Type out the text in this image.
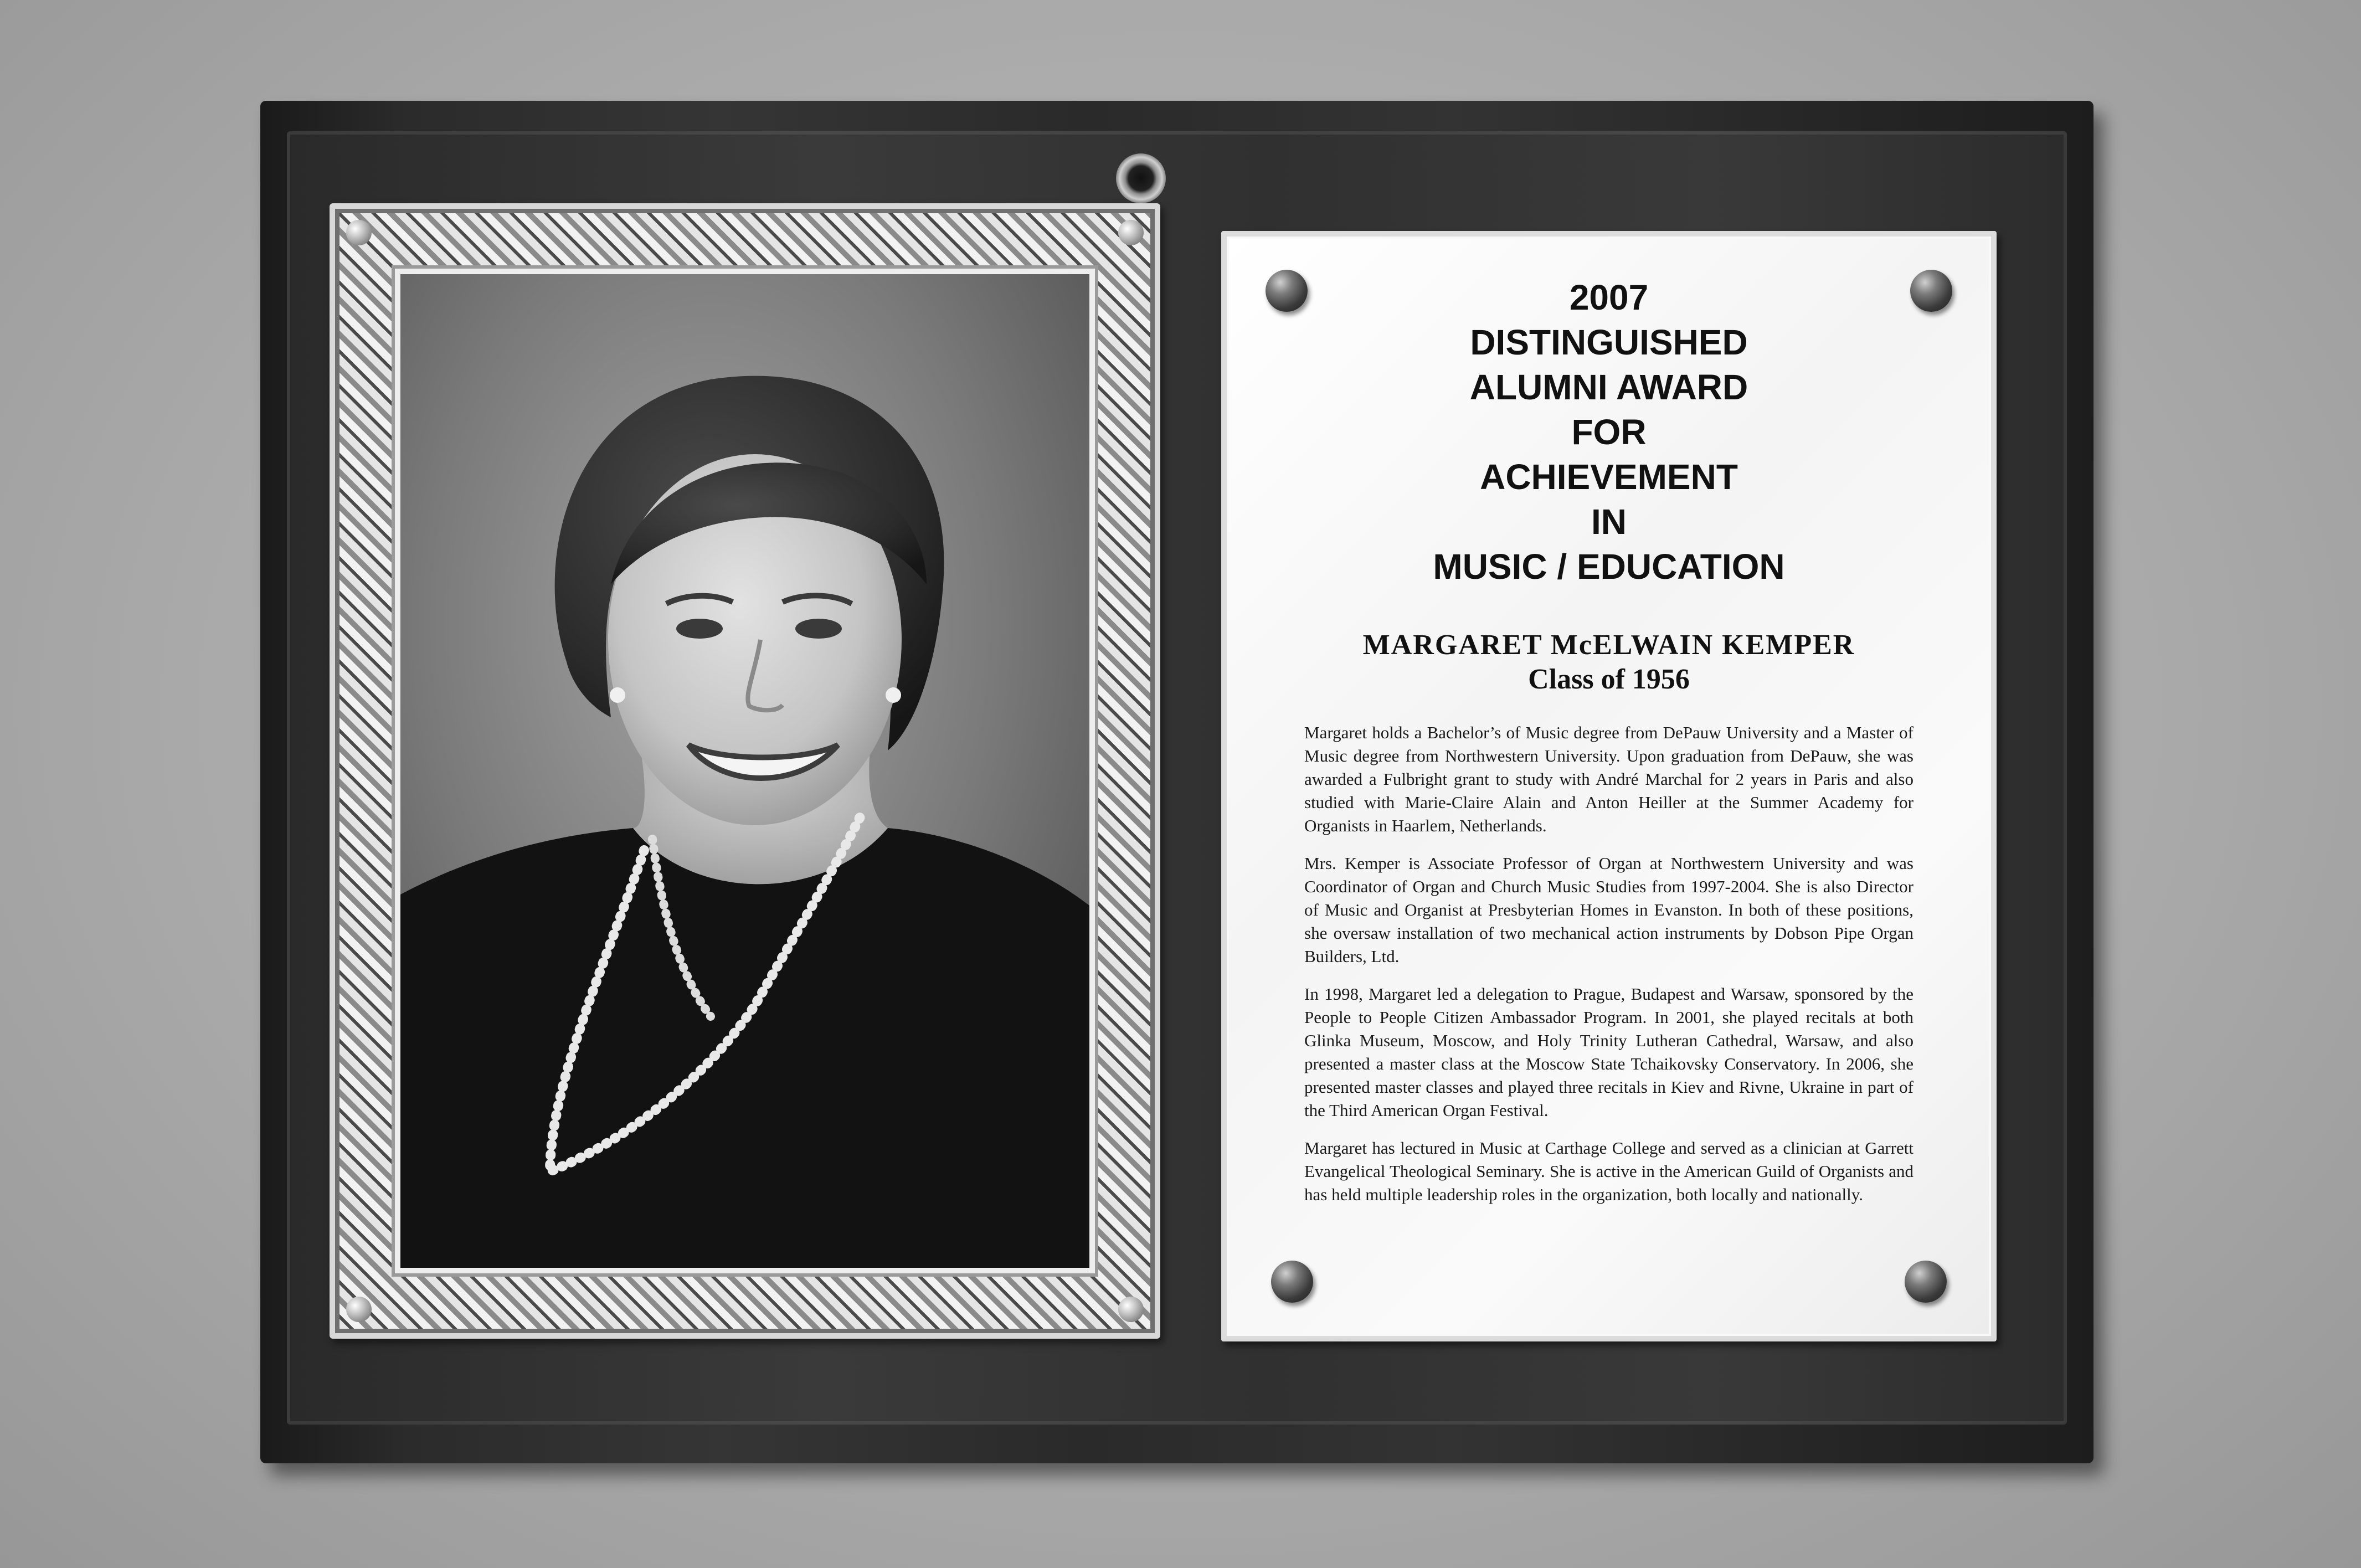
2007

DISTINGUISHED

ALUMNI AWARD

FOR

ACHIEVEMENT

IN

MUSIC / EDUCATION

MARGARET McELWAIN KEMPER
Class of 1956

Margaret holds a Bachelor’s of Music degree from DePauw University and a Master of Music degree from Northwestern University. Upon graduation from DePauw, she was awarded a Fulbright grant to study with André Marchal for 2 years in Paris and also studied with Marie-Claire Alain and Anton Heiller at the Summer Academy for Organists in Haarlem, Netherlands.

Mrs. Kemper is Associate Professor of Organ at Northwestern University and was Coordinator of Organ and Church Music Studies from 1997-2004. She is also Director of Music and Organist at Presbyterian Homes in Evanston. In both of these positions, she oversaw installation of two mechanical action instruments by Dobson Pipe Organ Builders, Ltd.

In 1998, Margaret led a delegation to Prague, Budapest and Warsaw, sponsored by the People to People Citizen Ambassador Program. In 2001, she played recitals at both Glinka Museum, Moscow, and Holy Trinity Lutheran Cathedral, Warsaw, and also presented a master class at the Moscow State Tchaikovsky Conservatory. In 2006, she presented master classes and played three recitals in Kiev and Rivne, Ukraine in part of the Third American Organ Festival.

Margaret has lectured in Music at Carthage College and served as a clinician at Garrett Evangelical Theological Seminary. She is active in the American Guild of Organists and has held multiple leadership roles in the organization, both locally and nationally.
